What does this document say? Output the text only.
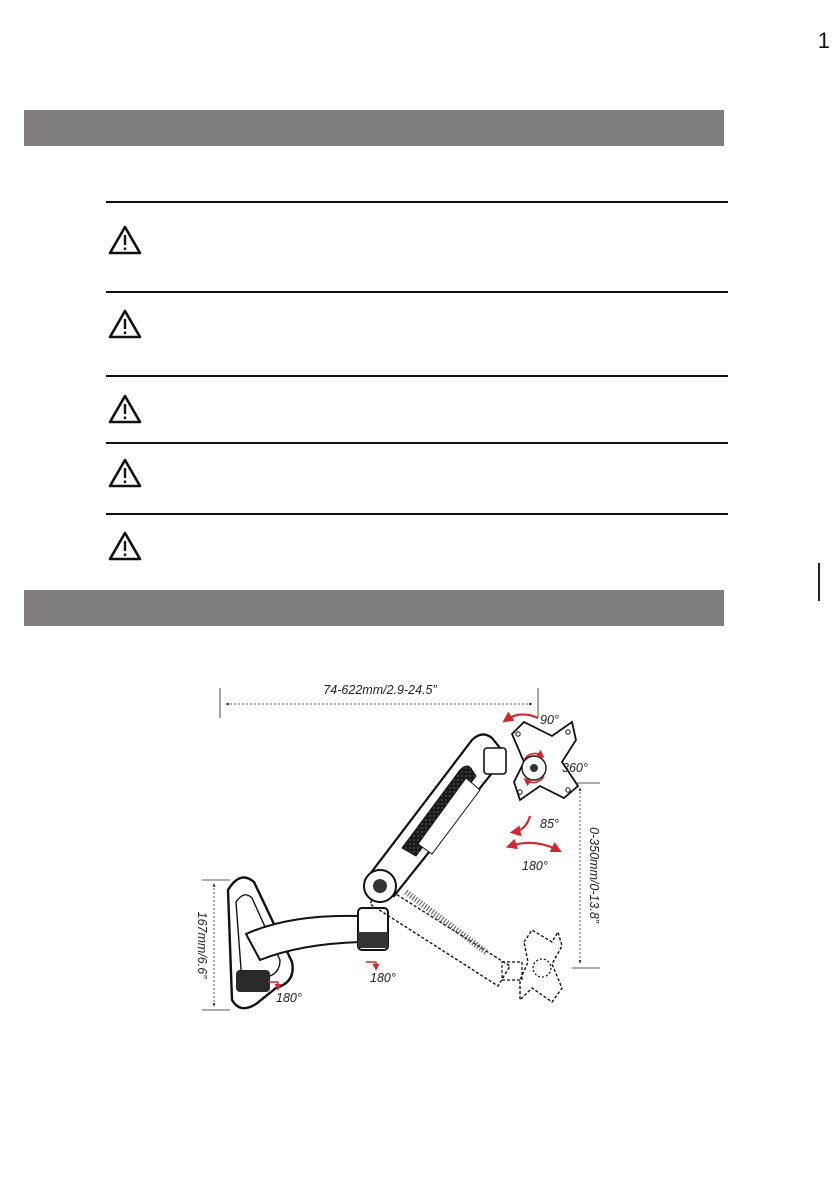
1
74-622mm/2.9-24.5”
167mm/6.6”
0-350mm/0-13.8”
90°
360°
85°
180°
180°
180°
